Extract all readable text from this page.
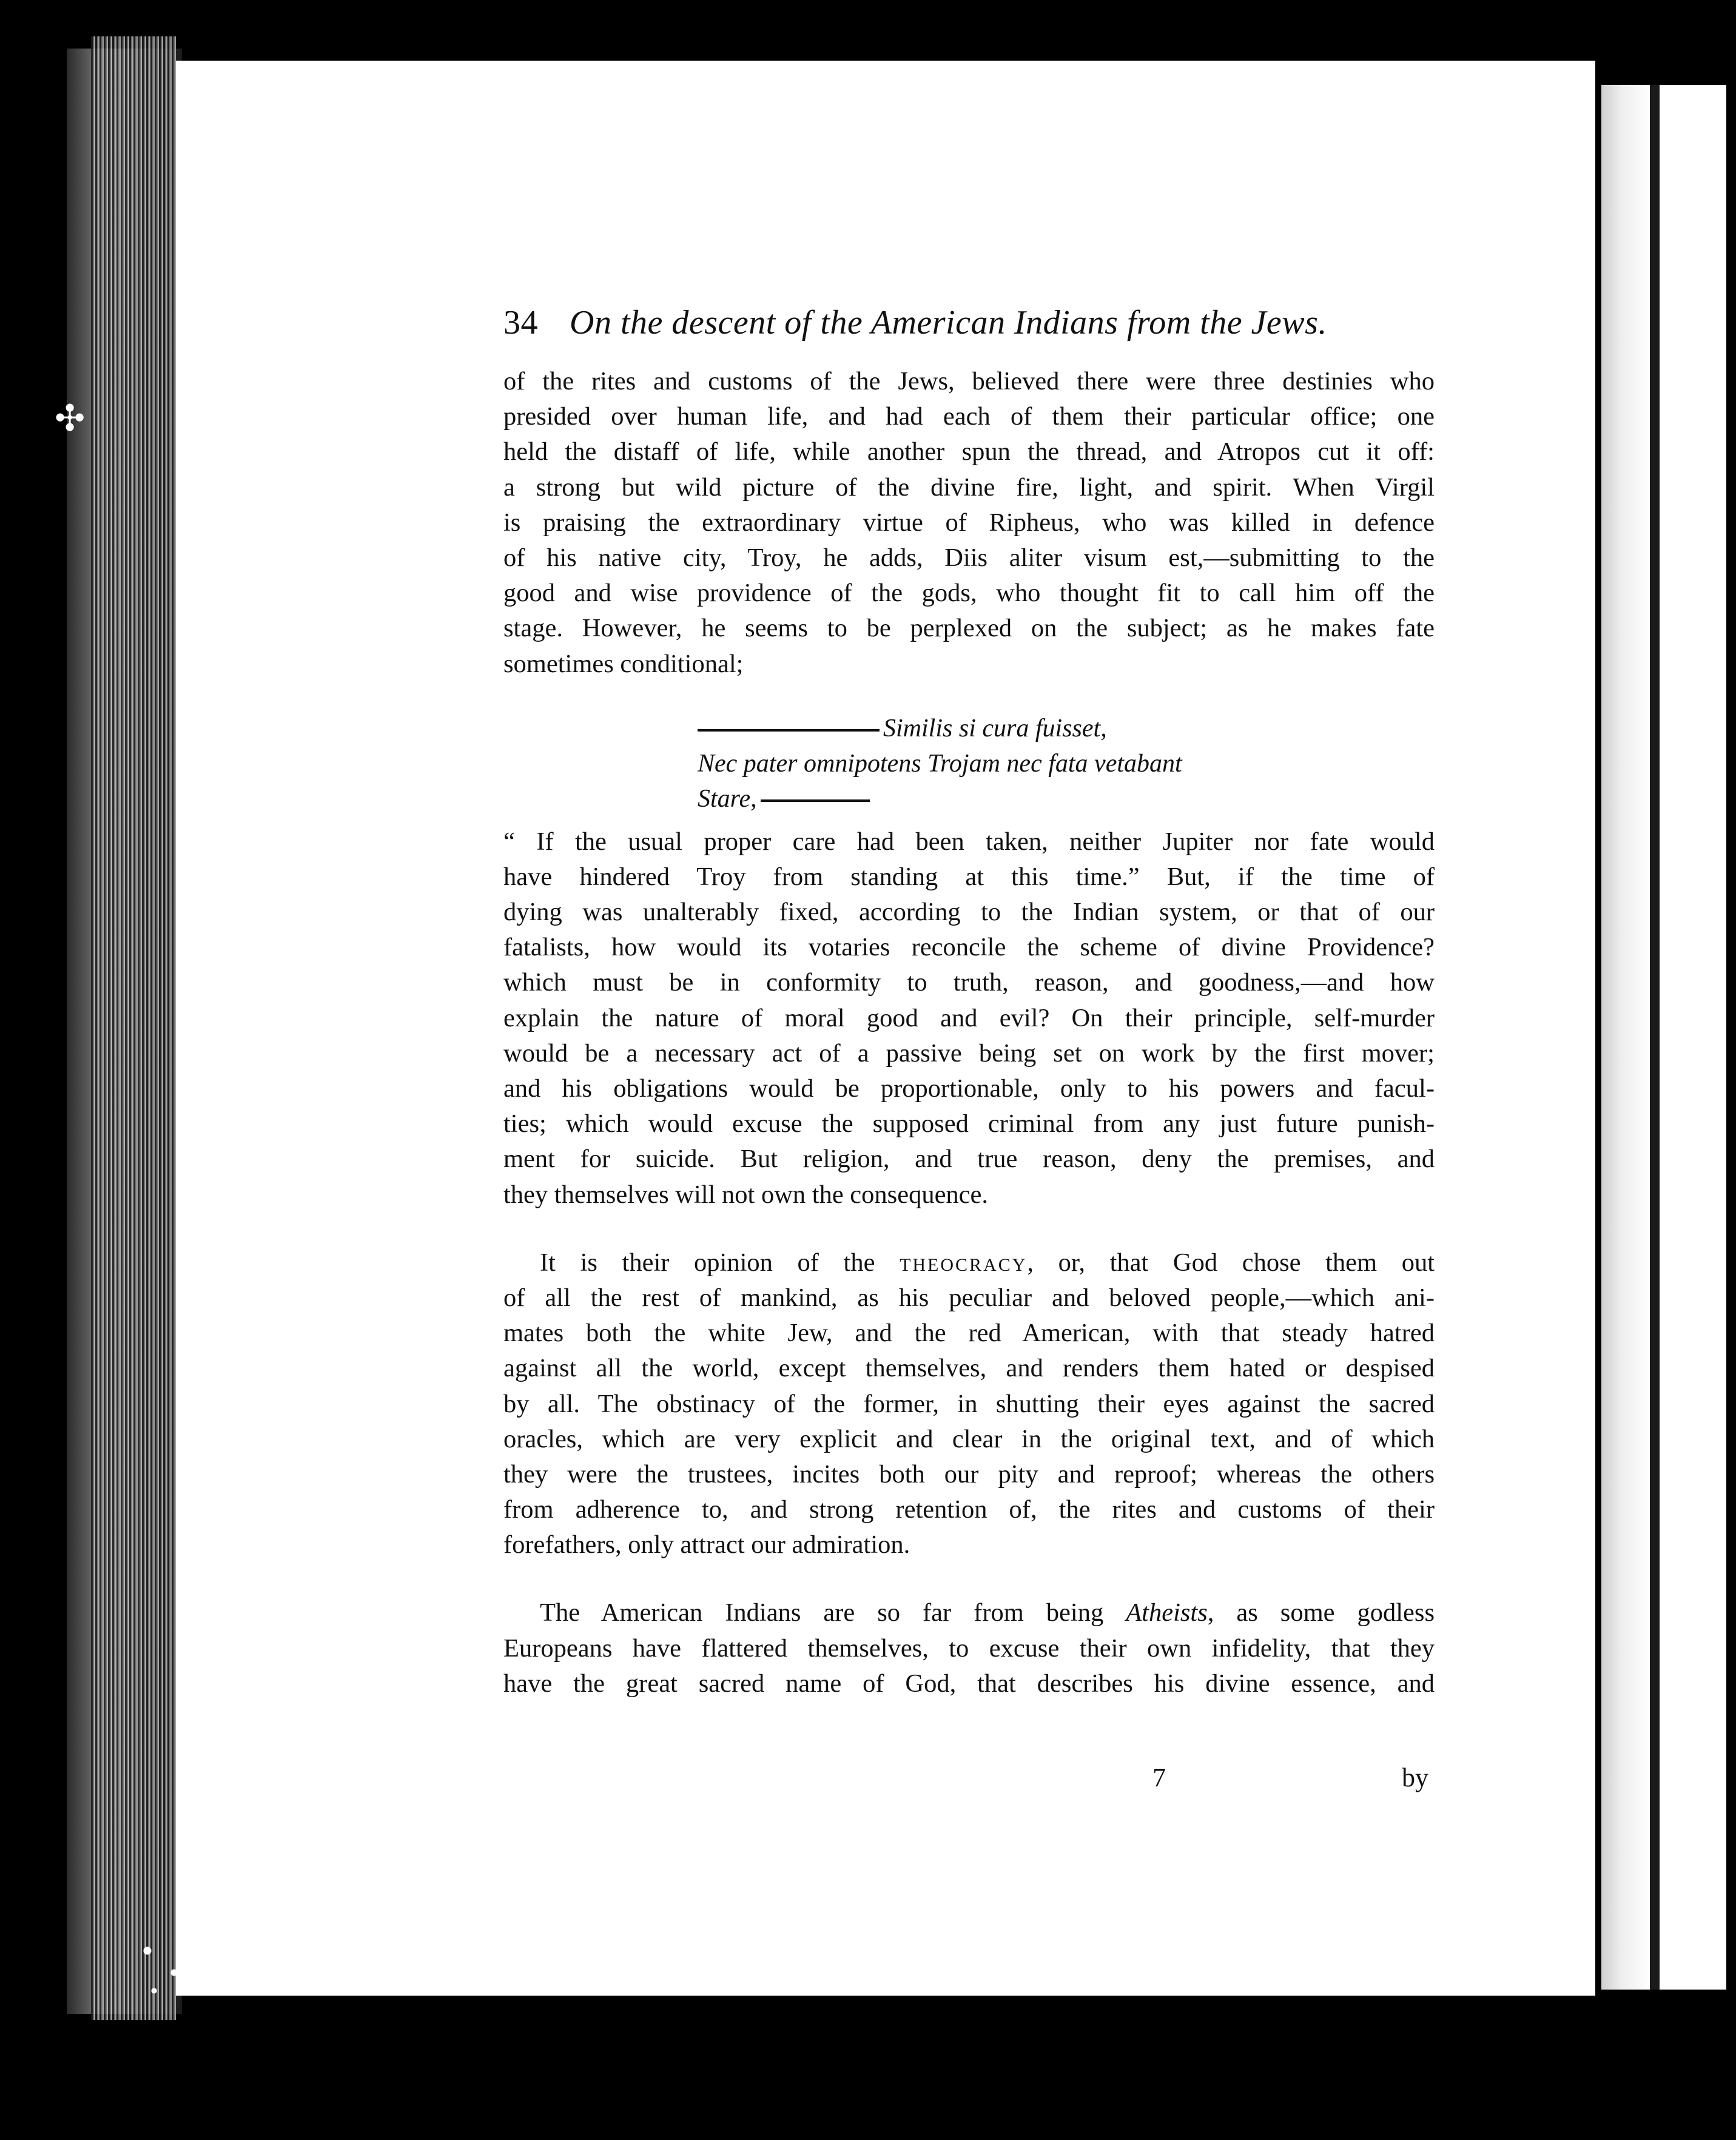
✣
34 On the descent of the American Indians from the Jews.
of the rites and customs of the Jews, believed there were three destinies who
presided over human life, and had each of them their particular office; one
held the distaff of life, while another spun the thread, and Atropos cut it off:
a strong but wild picture of the divine fire, light, and spirit. When Virgil
is praising the extraordinary virtue of Ripheus, who was killed in defence
of his native city, Troy, he adds, Diis aliter visum est,—submitting to the
good and wise providence of the gods, who thought fit to call him off the
stage. However, he seems to be perplexed on the subject; as he makes fate
sometimes conditional;
“ If the usual proper care had been taken, neither Jupiter nor fate would
have hindered Troy from standing at this time.” But, if the time of
dying was unalterably fixed, according to the Indian system, or that of our
fatalists, how would its votaries reconcile the scheme of divine Providence?
which must be in conformity to truth, reason, and goodness,—and how
explain the nature of moral good and evil? On their principle, self-murder
would be a necessary act of a passive being set on work by the first mover;
and his obligations would be proportionable, only to his powers and facul-
ties; which would excuse the supposed criminal from any just future punish-
ment for suicide. But religion, and true reason, deny the premises, and
they themselves will not own the consequence.
It is their opinion of the theocracy, or, that God chose them out
of all the rest of mankind, as his peculiar and beloved people,—which ani-
mates both the white Jew, and the red American, with that steady hatred
against all the world, except themselves, and renders them hated or despised
by all. The obstinacy of the former, in shutting their eyes against the sacred
oracles, which are very explicit and clear in the original text, and of which
they were the trustees, incites both our pity and reproof; whereas the others
from adherence to, and strong retention of, the rites and customs of their
forefathers, only attract our admiration.
The American Indians are so far from being Atheists, as some godless
Europeans have flattered themselves, to excuse their own infidelity, that they
have the great sacred name of God, that describes his divine essence, and
Similis si cura fuisset,
Nec pater omnipotens Trojam nec fata vetabant
Stare,
7	by
